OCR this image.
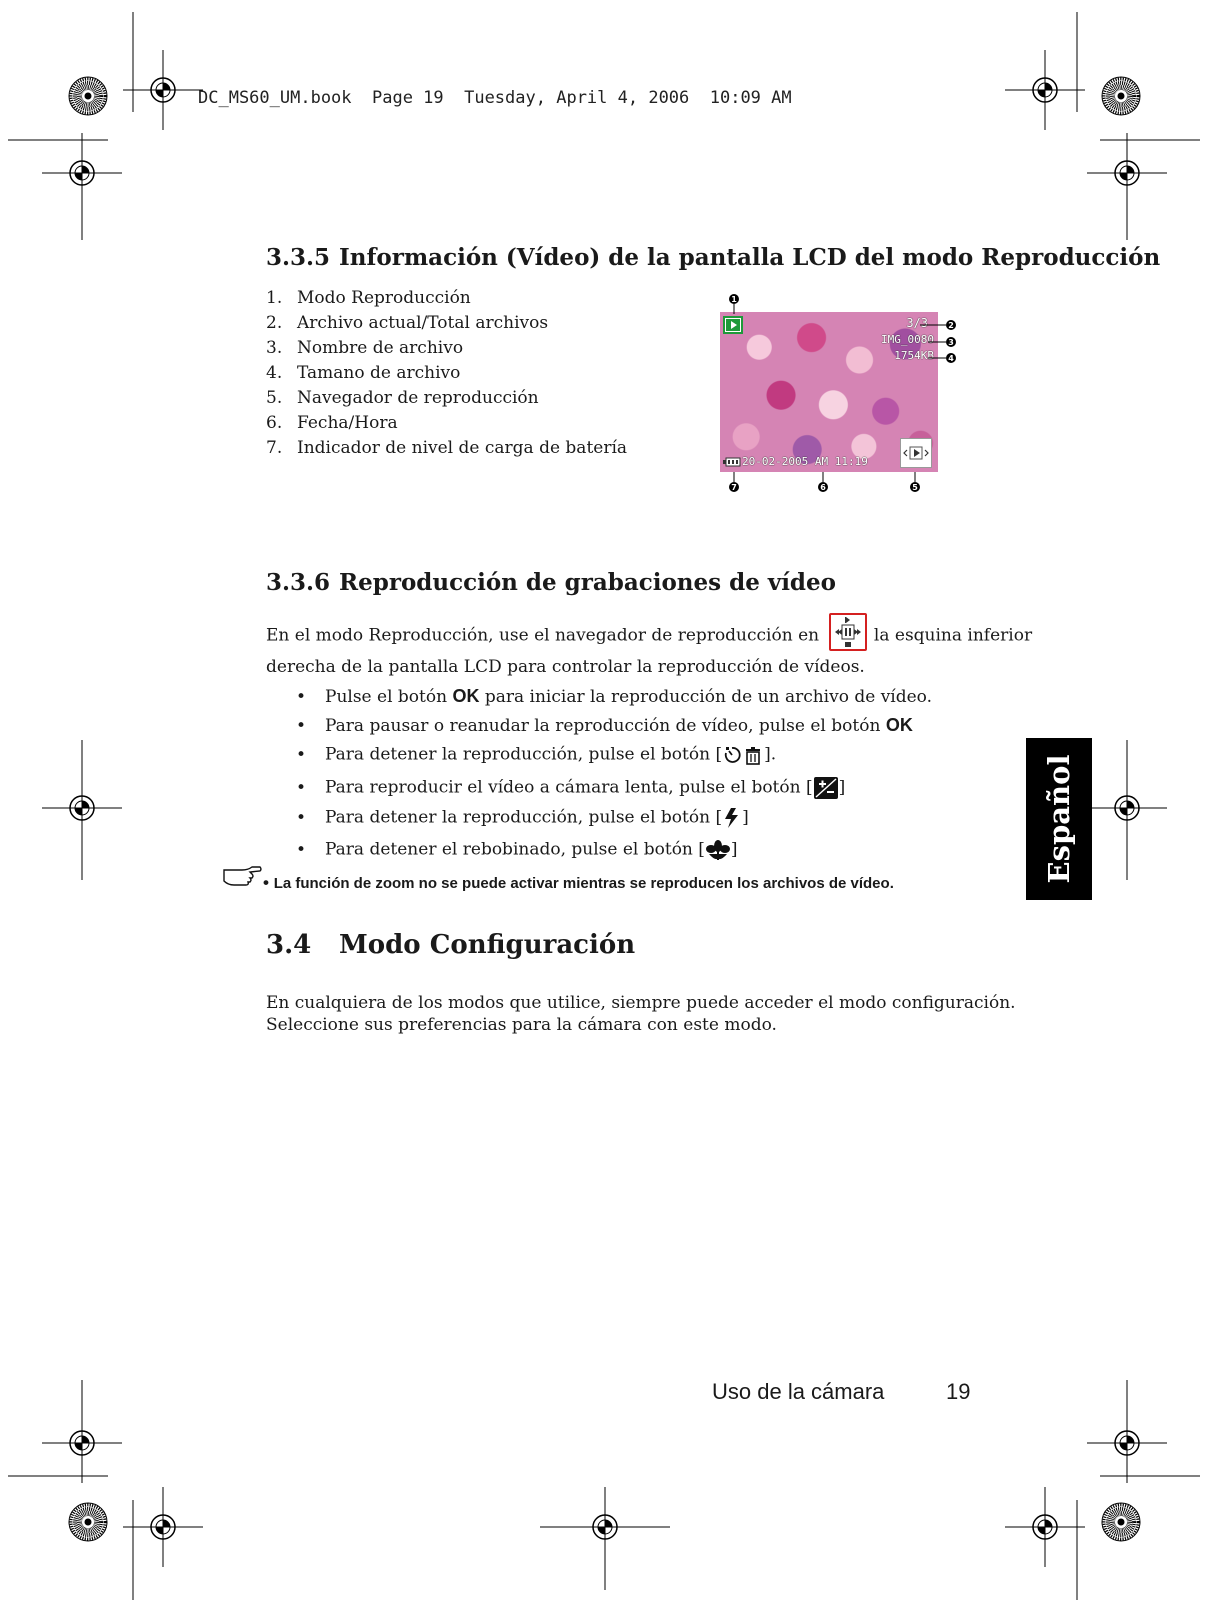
DC_MS60_UM.book  Page 19  Tuesday, April 4, 2006  10:09 AM
3.3.5 Información (Vídeo) de la pantalla LCD del modo Reproducción
1. Modo Reproducción
2. Archivo actual/Total archivos
3. Nombre de archivo
4. Tamano de archivo
5. Navegador de reproducción
6. Fecha/Hora
7. Indicador de nivel de carga de batería
3/3
IMG_0080
1754KB
20-02-2005 AM 11:19
1
2
3
4
5
6
7
3.3.6 Reproducción de grabaciones de vídeo
En el modo Reproducción, use el navegador de reproducción en	la esquina inferior
derecha de la pantalla LCD para controlar la reproducción de vídeos.
• Pulse el botón OK para iniciar la reproducción de un archivo de vídeo.
• Para pausar o reanudar la reproducción de vídeo, pulse el botón OK
• Para detener la reproducción, pulse el botón [ ].
• Para reproducir el vídeo a cámara lenta, pulse el botón [ ]
• Para detener la reproducción, pulse el botón [ ]
• Para detener el rebobinado, pulse el botón [ ]
• La función de zoom no se puede activar mientras se reproducen los archivos de vídeo.
3.4 Modo Configuración
En cualquiera de los modos que utilice, siempre puede acceder el modo configuración.
Seleccione sus preferencias para la cámara con este modo.
Español
Uso de la cámara	19
